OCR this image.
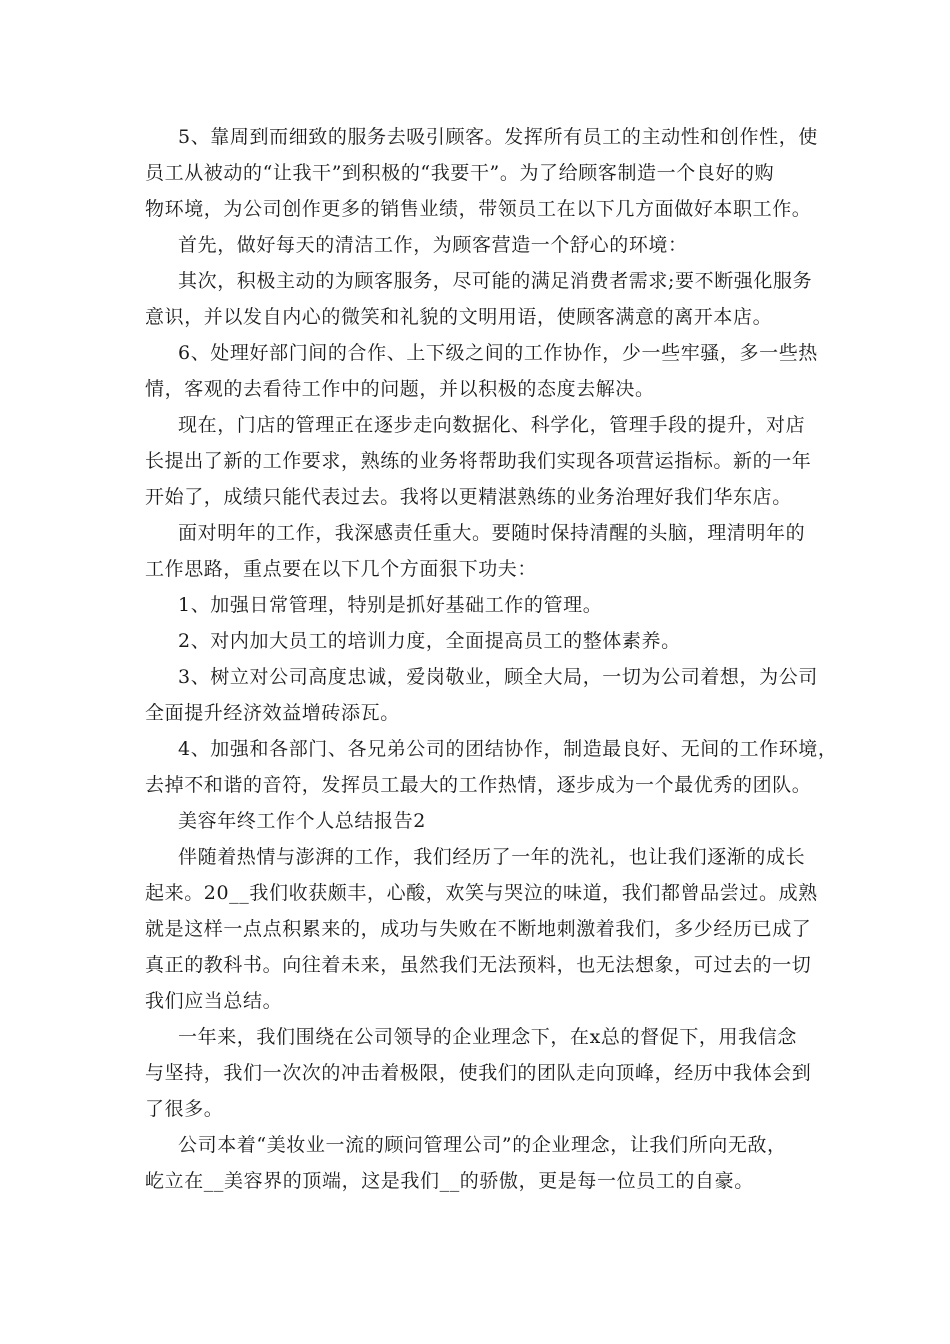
5、靠周到而细致的服务去吸引顾客。发挥所有员工的主动性和创作性，使
员工从被动的“让我干”到积极的“我要干”。为了给顾客制造一个良好的购
物环境，为公司创作更多的销售业绩，带领员工在以下几方面做好本职工作。
首先，做好每天的清洁工作，为顾客营造一个舒心的环境：
其次，积极主动的为顾客服务，尽可能的满足消费者需求;要不断强化服务
意识，并以发自内心的微笑和礼貌的文明用语，使顾客满意的离开本店。
6、处理好部门间的合作、上下级之间的工作协作，少一些牢骚，多一些热
情，客观的去看待工作中的问题，并以积极的态度去解决。
现在，门店的管理正在逐步走向数据化、科学化，管理手段的提升，对店
长提出了新的工作要求，熟练的业务将帮助我们实现各项营运指标。新的一年
开始了，成绩只能代表过去。我将以更精湛熟练的业务治理好我们华东店。
面对明年的工作，我深感责任重大。要随时保持清醒的头脑，理清明年的
工作思路，重点要在以下几个方面狠下功夫：
1、加强日常管理，特别是抓好基础工作的管理。
2、对内加大员工的培训力度，全面提高员工的整体素养。
3、树立对公司高度忠诚，爱岗敬业，顾全大局，一切为公司着想，为公司
全面提升经济效益增砖添瓦。
4、加强和各部门、各兄弟公司的团结协作，制造最良好、无间的工作环境，
去掉不和谐的音符，发挥员工最大的工作热情，逐步成为一个最优秀的团队。
美容年终工作个人总结报告2
伴随着热情与澎湃的工作，我们经历了一年的洗礼，也让我们逐渐的成长
起来。20__我们收获颇丰，心酸，欢笑与哭泣的味道，我们都曾品尝过。成熟
就是这样一点点积累来的，成功与失败在不断地刺激着我们，多少经历已成了
真正的教科书。向往着未来，虽然我们无法预料，也无法想象，可过去的一切
我们应当总结。
一年来，我们围绕在公司领导的企业理念下，在x总的督促下，用我信念
与坚持，我们一次次的冲击着极限，使我们的团队走向顶峰，经历中我体会到
了很多。
公司本着“美妆业一流的顾问管理公司”的企业理念，让我们所向无敌，
屹立在__美容界的顶端，这是我们__的骄傲，更是每一位员工的自豪。
